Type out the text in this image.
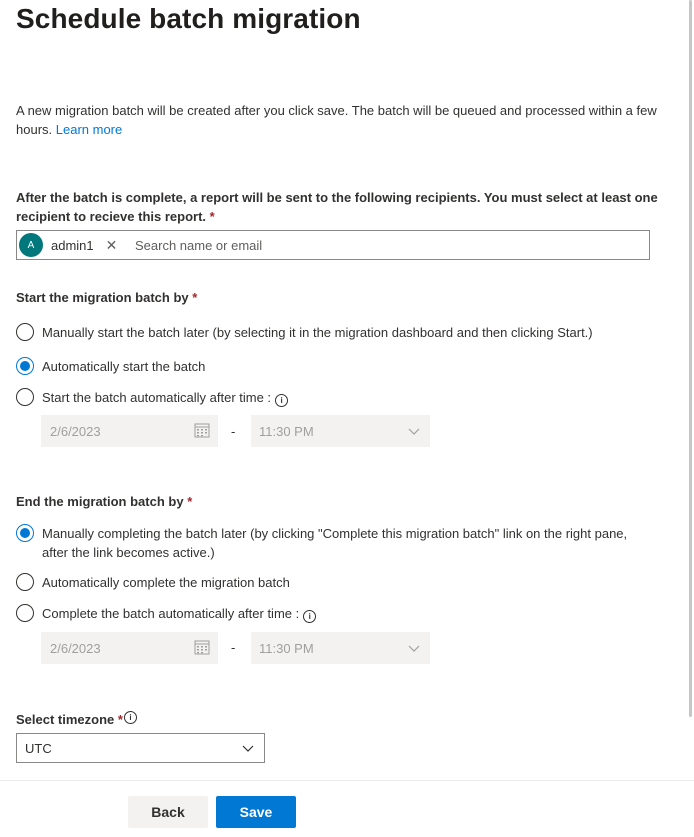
Schedule batch migration
A new migration batch will be created after you click save. The batch will be queued and processed within a few hours. Learn more
After the batch is complete, a report will be sent to the following recipients. You must select at least one recipient to recieve this report. *
A	admin1 ✕
Search name or email
Start the migration batch by *
Manually start the batch later (by selecting it in the migration dashboard and then clicking Start.)
Automatically start the batch
Start the batch automatically after time : i
2/6/2023	- 11:30 PM
End the migration batch by *
Manually completing the batch later (by clicking "Complete this migration batch" link on the right pane, after the link becomes active.)
Automatically complete the migration batch
Complete the batch automatically after time : i
2/6/2023	- 11:30 PM
Select timezone * i
UTC
Back	Save
